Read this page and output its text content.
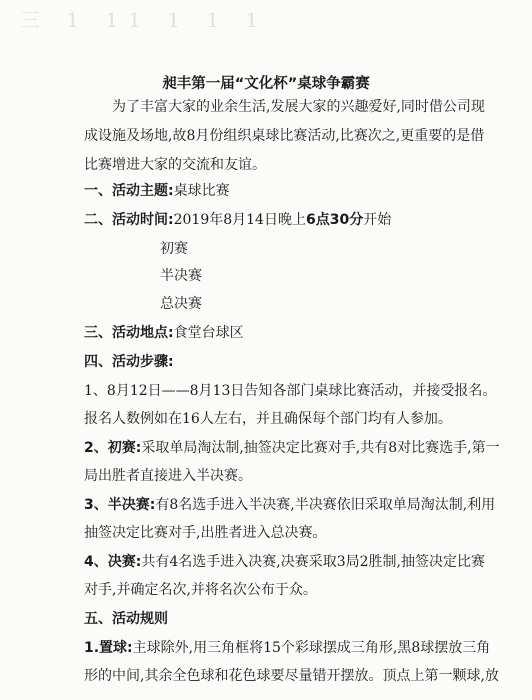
三 1 11 1 1 1
昶丰第一届“文化杯”桌球争霸赛

为了丰富大家的业余生活,发展大家的兴趣爱好,同时借公司现成设施及场地,故8月份组织桌球比赛活动,比赛次之,更重要的是借比赛增进大家的交流和友谊。

一、活动主题:桌球比赛
二、活动时间:2019年8月14日晚上6点30分开始
初赛
半决赛
总决赛
三、活动地点:食堂台球区
四、活动步骤:
1、8月12日——8月13日告知各部门桌球比赛活动，并接受报名。
报名人数例如在16人左右，并且确保每个部门均有人参加。
2、初赛:采取单局淘汰制,抽签决定比赛对手,共有8对比赛选手,第一
局出胜者直接进入半决赛。
3、半决赛:有8名选手进入半决赛,半决赛依旧采取单局淘汰制,利用
抽签决定比赛对手,出胜者进入总决赛。
4、决赛:共有4名选手进入决赛,决赛采取3局2胜制,抽签决定比赛
对手,并确定名次,并将名次公布于众。
五、活动规则
1.置球:主球除外,用三角框将15个彩球摆成三角形,黑8球摆放三角
形的中间,其余全色球和花色球要尽量错开摆放。顶点上第一颗球,放
